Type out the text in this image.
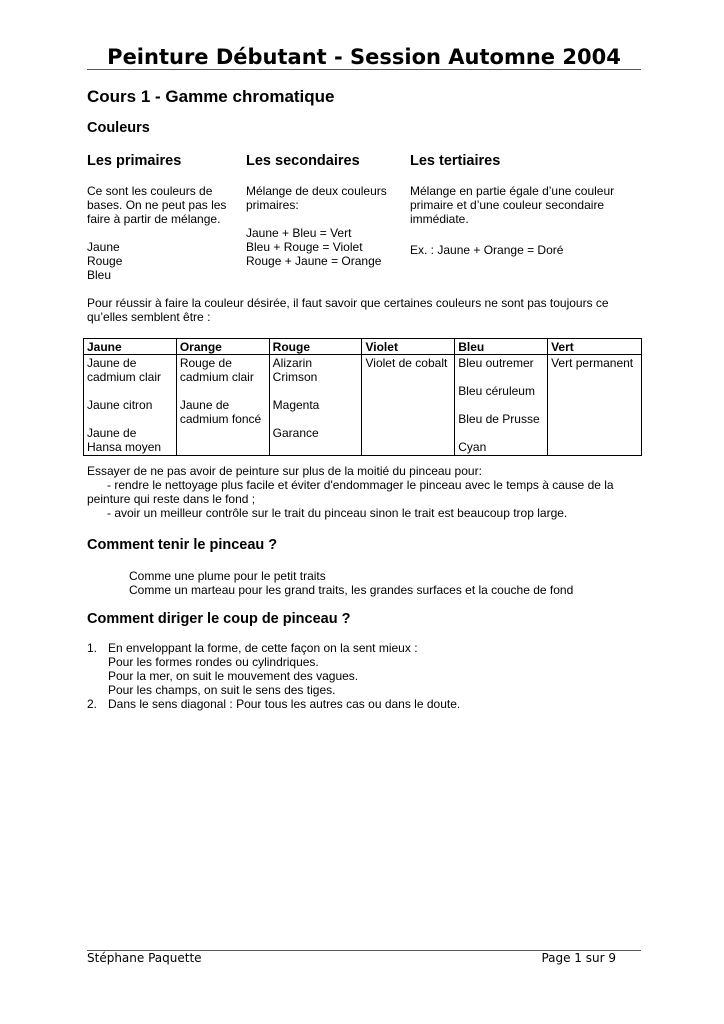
Peinture Débutant - Session Automne 2004
Cours 1 - Gamme chromatique
Couleurs
Les primaires

Ce sont les couleurs de
bases. On ne peut pas les
faire à partir de mélange.

Jaune
Rouge
Bleu

Les secondaires

Mélange de deux couleurs
primaires:

Jaune + Bleu = Vert
Bleu + Rouge = Violet
Rouge + Jaune = Orange

Les tertiaires

Mélange en partie égale d’une couleur
primaire et d’une couleur secondaire
immédiate.

Ex. : Jaune + Orange = Doré

Pour réussir à faire la couleur désirée, il faut savoir que certaines couleurs ne sont pas toujours ce
qu’elles semblent être :

Jaune	Orange	Rouge	Violet	Bleu	Vert

Jaune de
cadmium clair

Jaune citron

Jaune de
Hansa moyen	Rouge de
cadmium clair

Jaune de
cadmium foncé	Alizarin
Crimson

Magenta

Garance	Violet de cobalt	Bleu outremer

Bleu céruleum

Bleu de Prusse

Cyan	Vert permanent
Essayer de ne pas avoir de peinture sur plus de la moitié du pinceau pour:
- rendre le nettoyage plus facile et éviter d'endommager le pinceau avec le temps à cause de la
peinture qui reste dans le fond ;
- avoir un meilleur contrôle sur le trait du pinceau sinon le trait est beaucoup trop large.
Comment tenir le pinceau ?
Comme une plume pour le petit traits
Comme un marteau pour les grand traits, les grandes surfaces et la couche de fond
Comment diriger le coup de pinceau ?
1. En enveloppant la forme, de cette façon on la sent mieux :
Pour les formes rondes ou cylindriques.
Pour la mer, on suit le mouvement des vagues.
Pour les champs, on suit le sens des tiges.
2. Dans le sens diagonal : Pour tous les autres cas ou dans le doute.
Stéphane Paquette	Page 1 sur 9
